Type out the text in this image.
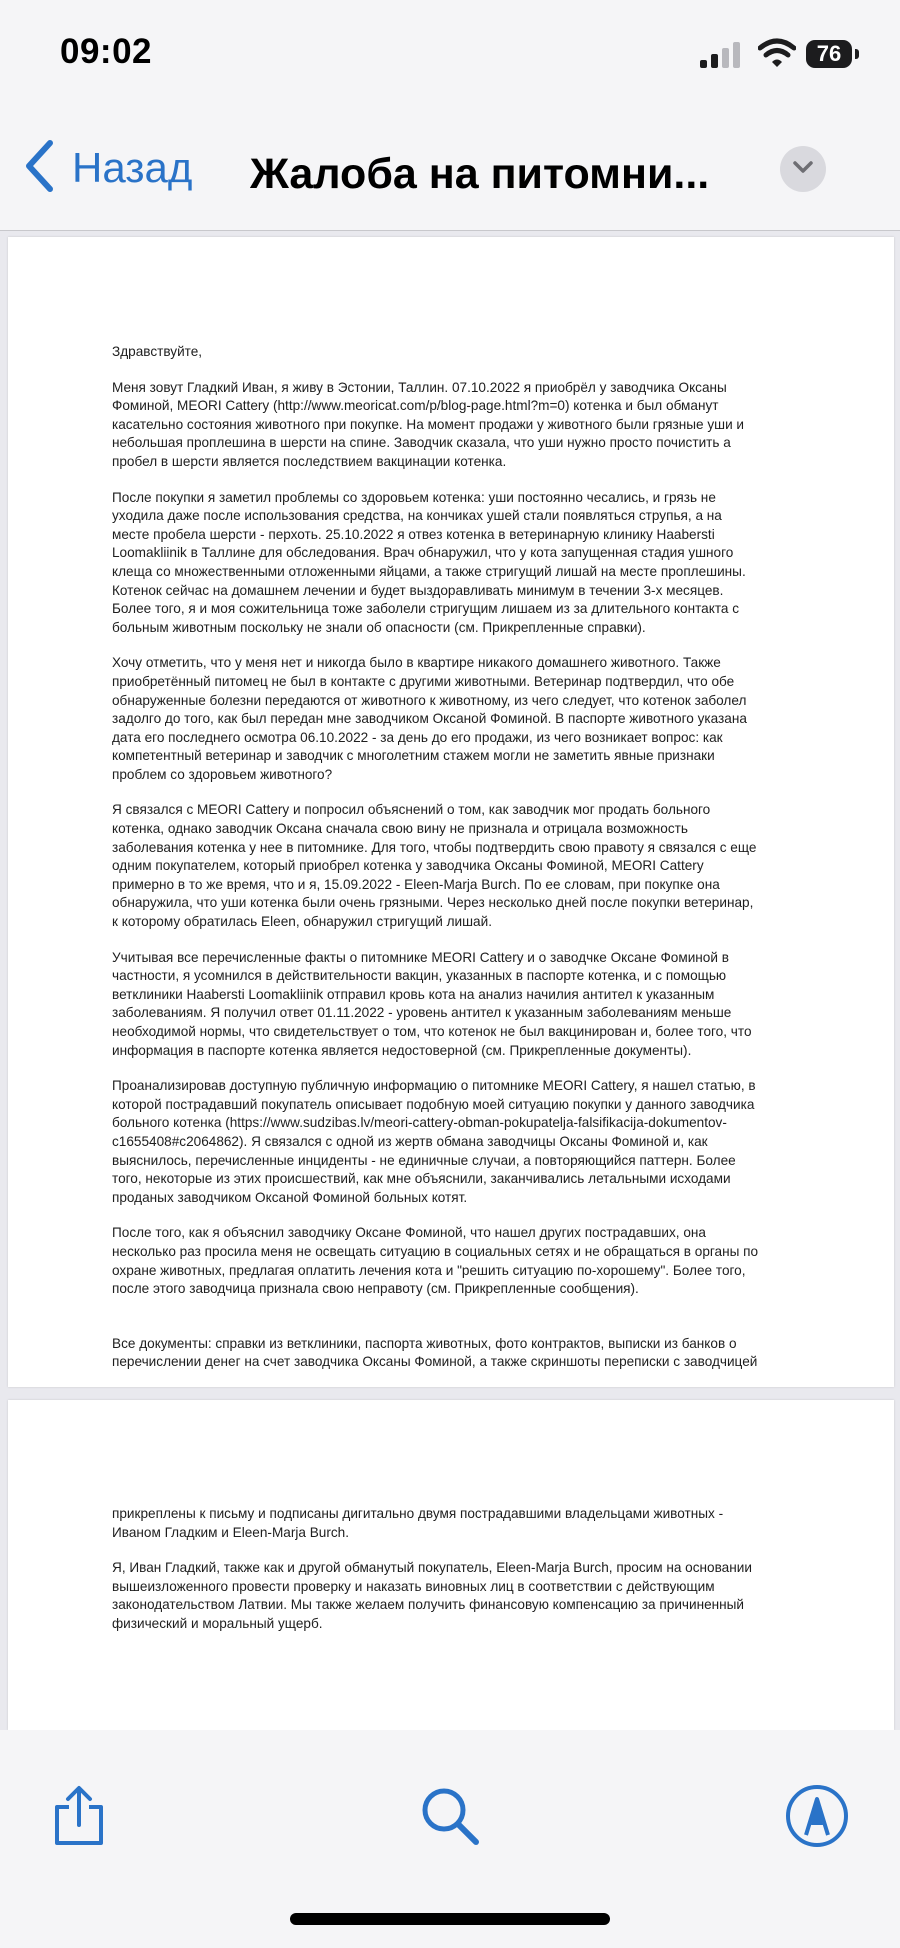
09:02	76
Назад Жалоба на питомни...

Здравствуйте,

Меня зовут Гладкий Иван, я живу в Эстонии, Таллин. 07.10.2022 я приобрёл у заводчика Оксаны Фоминой, MEORI Cattery (http://www.meoricat.com/p/blog-page.html?m=0) котенка и был обманут касательно состояния животного при покупке. На момент продажи у животного были грязные уши и небольшая проплешина в шерсти на спине. Заводчик сказала, что уши нужно просто почистить а пробел в шерсти является последствием вакцинации котенка.

После покупки я заметил проблемы со здоровьем котенка: уши постоянно чесались, и грязь не уходила даже после использования средства, на кончиках ушей стали появляться струпья, а на месте пробела шерсти - перхоть. 25.10.2022 я отвез котенка в ветеринарную клинику Haabersti Loomakliinik в Таллине для обследования. Врач обнаружил, что у кота запущенная стадия ушного клеща со множественными отложенными яйцами, а также стригущий лишай на месте проплешины. Котенок сейчас на домашнем лечении и будет выздоравливать минимум в течении 3-х месяцев. Более того, я и моя сожительница тоже заболели стригущим лишаем из за длительного контакта с больным животным поскольку не знали об опасности (см. Прикрепленные справки).

Хочу отметить, что у меня нет и никогда было в квартире никакого домашнего животного. Также приобретённый питомец не был в контакте с другими животными. Ветеринар подтвердил, что обе обнаруженные болезни передаются от животного к животному, из чего следует, что котенок заболел задолго до того, как был передан мне заводчиком Оксаной Фоминой. В паспорте животного указана дата его последнего осмотра 06.10.2022 - за день до его продажи, из чего возникает вопрос: как компетентный ветеринар и заводчик с многолетним стажем могли не заметить явные признаки проблем со здоровьем животного?

Я связался с MEORI Cattery и попросил объяснений о том, как заводчик мог продать больного котенка, однако заводчик Оксана сначала свою вину не признала и отрицала возможность заболевания котенка у нее в питомнике. Для того, чтобы подтвердить свою правоту я связался с еще одним покупателем, который приобрел котенка у заводчика Оксаны Фоминой, MEORI Cattery примерно в то же время, что и я, 15.09.2022 - Eleen-Marja Burch. По ее словам, при покупке она обнаружила, что уши котенка были очень грязными. Через несколько дней после покупки ветеринар, к которому обратилась Eleen, обнаружил стригущий лишай.

Учитывая все перечисленные факты о питомнике MEORI Cattery и о заводчке Оксане Фоминой в частности, я усомнился в действительности вакцин, указанных в паспорте котенка, и с помощью ветклиники Haabersti Loomakliinik отправил кровь кота на анализ начилия антител к указанным заболеваниям. Я получил ответ 01.11.2022 - уровень антител к указанным заболеваниям меньше необходимой нормы, что свидетельствует о том, что котенок не был вакцинирован и, более того, что информация в паспорте котенка является недостоверной (см. Прикрепленные документы).

Проанализировав доступную публичную информацию о питомнике MEORI Cattery, я нашел статью, в которой пострадавший покупатель описывает подобную моей ситуацию покупки у данного заводчика больного котенка (https://www.sudzibas.lv/meori-cattery-obman-pokupatelja-falsifikacija-dokumentov-c1655408#c2064862). Я связался с одной из жертв обмана заводчицы Оксаны Фоминой и, как выяснилось, перечисленные инциденты - не единичные случаи, а повторяющийся паттерн. Более того, некоторые из этих происшествий, как мне объяснили, заканчивались летальными исходами проданых заводчиком Оксаной Фоминой больных котят.

После того, как я объяснил заводчику Оксане Фоминой, что нашел других пострадавших, она несколько раз просила меня не освещать ситуацию в социальных сетях и не обращаться в органы по охране животных, предлагая оплатить лечения кота и "решить ситуацию по-хорошему". Более того, после этого заводчица признала свою неправоту (см. Прикрепленные сообщения).

Все документы: справки из ветклиники, паспорта животных, фото контрактов, выписки из банков о перечислении денег на счет заводчика Оксаны Фоминой, а также скриншоты переписки с заводчицей

прикреплены к письму и подписаны дигитально двумя пострадавшими владельцами животных - Иваном Гладким и Eleen-Marja Burch.

Я, Иван Гладкий, также как и другой обманутый покупатель, Eleen-Marja Burch, просим на основании вышеизложенного провести проверку и наказать виновных лиц в соответствии с действующим законодательством Латвии. Мы также желаем получить финансовую компенсацию за причиненный физический и моральный ущерб.
